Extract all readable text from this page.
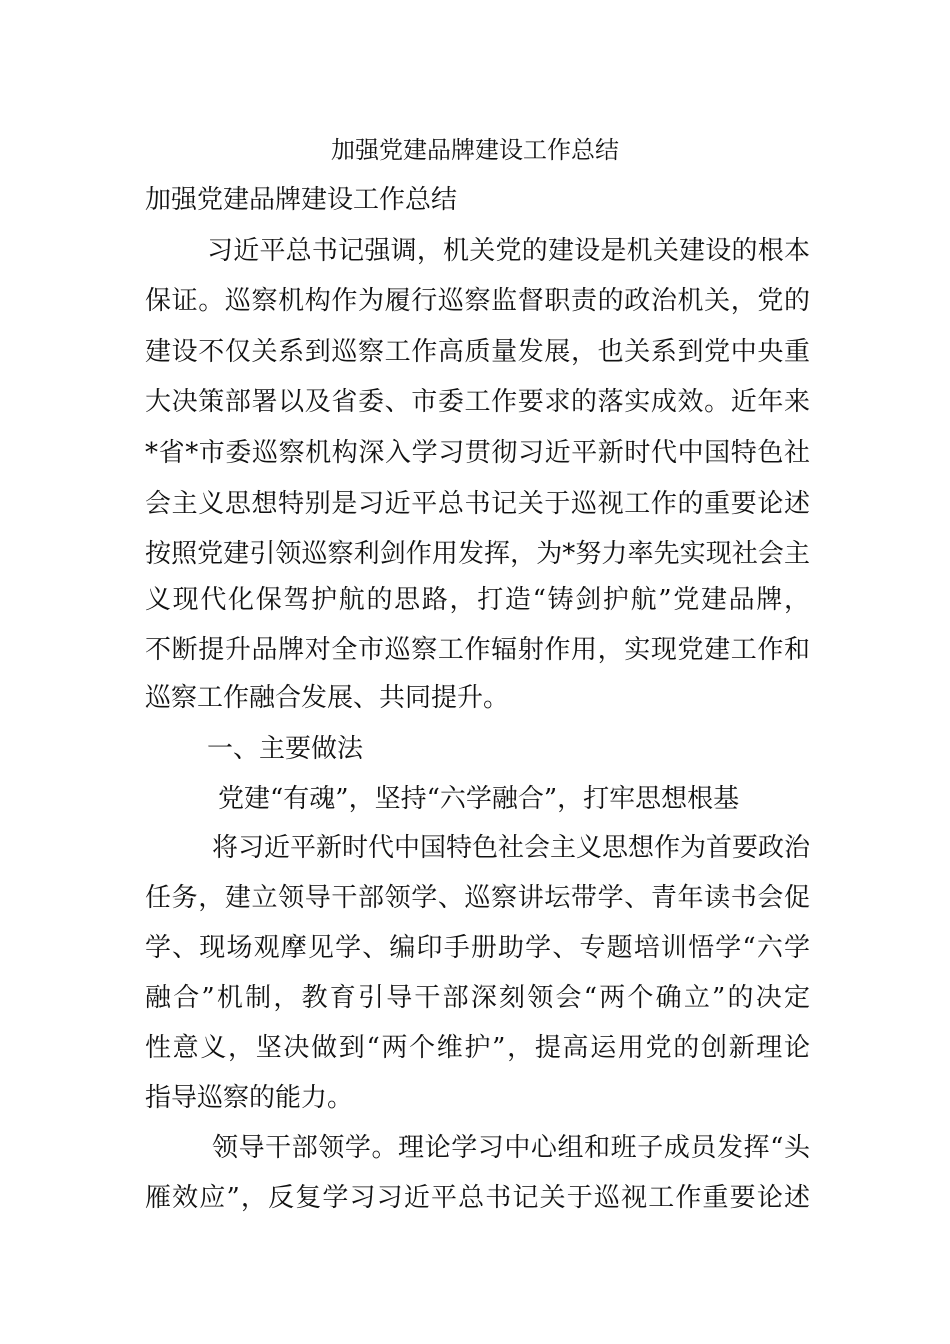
加强党建品牌建设工作总结

加强党建品牌建设工作总结

习近平总书记强调，机关党的建设是机关建设的根本

保证。巡察机构作为履行巡察监督职责的政治机关，党的

建设不仅关系到巡察工作高质量发展，也关系到党中央重

大决策部署以及省委、市委工作要求的落实成效。近年来

*省*市委巡察机构深入学习贯彻习近平新时代中国特色社

会主义思想特别是习近平总书记关于巡视工作的重要论述

按照党建引领巡察利剑作用发挥，为*努力率先实现社会主

义现代化保驾护航的思路，打造“铸剑护航”党建品牌，

不断提升品牌对全市巡察工作辐射作用，实现党建工作和

巡察工作融合发展、共同提升。

一、主要做法

党建“有魂”，坚持“六学融合”，打牢思想根基

将习近平新时代中国特色社会主义思想作为首要政治

任务，建立领导干部领学、巡察讲坛带学、青年读书会促

学、现场观摩见学、编印手册助学、专题培训悟学“六学

融合”机制，教育引导干部深刻领会“两个确立”的决定

性意义，坚决做到“两个维护”，提高运用党的创新理论

指导巡察的能力。

领导干部领学。理论学习中心组和班子成员发挥“头

雁效应”，反复学习习近平总书记关于巡视工作重要论述
